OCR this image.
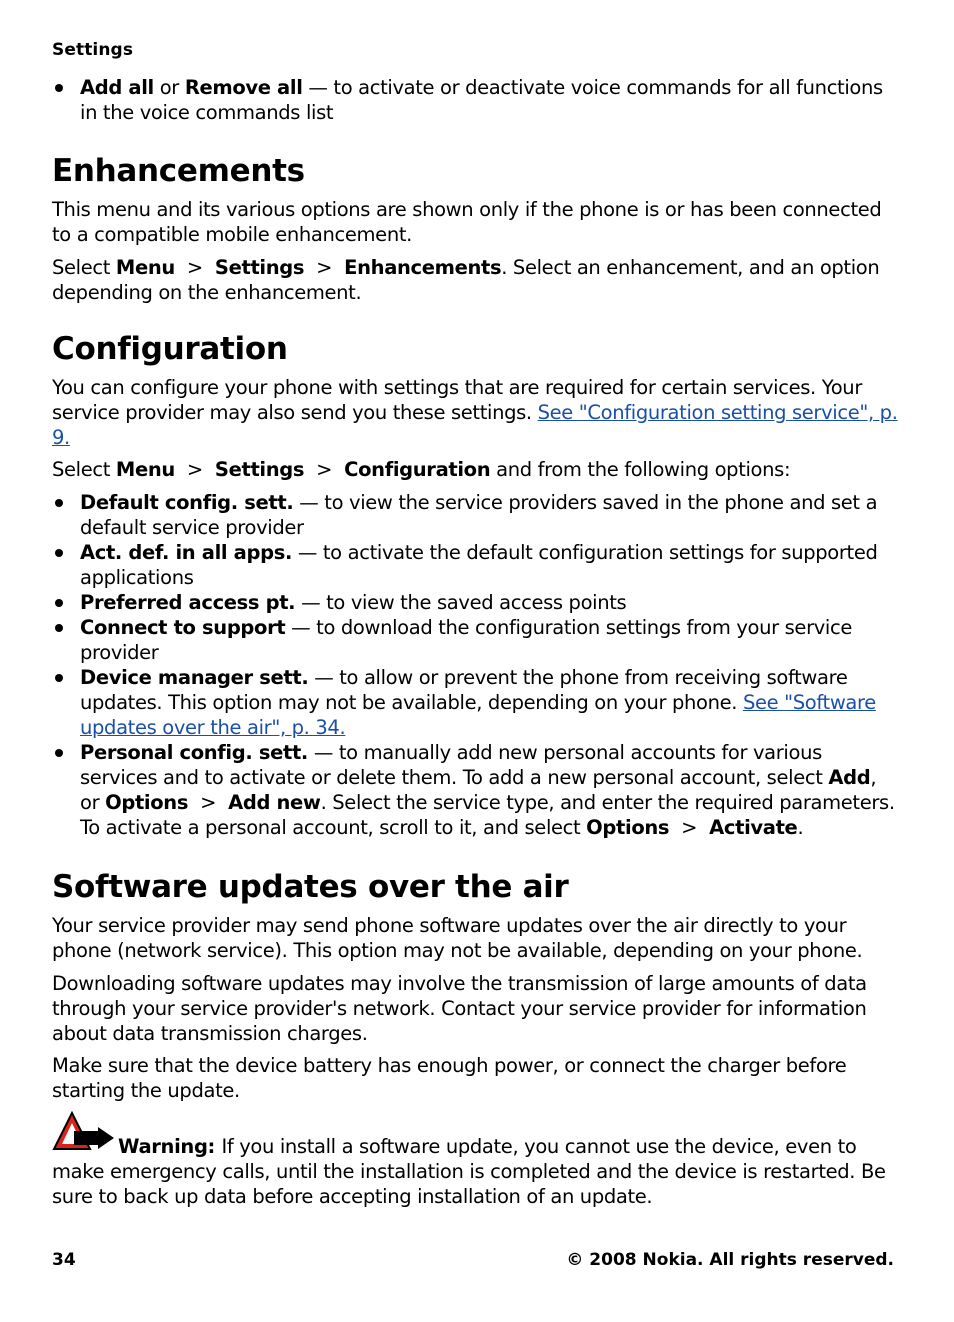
Settings
Add all or Remove all — to activate or deactivate voice commands for all functions in the voice commands list
Enhancements

This menu and its various options are shown only if the phone is or has been connected to a compatible mobile enhancement.

Select Menu > Settings > Enhancements. Select an enhancement, and an option depending on the enhancement.

Configuration

You can configure your phone with settings that are required for certain services. Your service provider may also send you these settings. See "Configuration setting service", p. 9.

Select Menu > Settings > Configuration and from the following options:

Default config. sett. — to view the service providers saved in the phone and set a default service provider
Act. def. in all apps. — to activate the default configuration settings for supported applications
Preferred access pt. — to view the saved access points
Connect to support — to download the configuration settings from your service provider
Device manager sett. — to allow or prevent the phone from receiving software updates. This option may not be available, depending on your phone. See "Software updates over the air", p. 34.
Personal config. sett. — to manually add new personal accounts for various services and to activate or delete them. To add a new personal account, select Add, or Options > Add new. Select the service type, and enter the required parameters. To activate a personal account, scroll to it, and select Options > Activate.
Software updates over the air

Your service provider may send phone software updates over the air directly to your phone (network service). This option may not be available, depending on your phone.

Downloading software updates may involve the transmission of large amounts of data through your service provider's network. Contact your service provider for information about data transmission charges.

Make sure that the device battery has enough power, or connect the charger before starting the update.

Warning: If you install a software update, you cannot use the device, even to make emergency calls, until the installation is completed and the device is restarted. Be sure to back up data before accepting installation of an update.

34	© 2008 Nokia. All rights reserved.
